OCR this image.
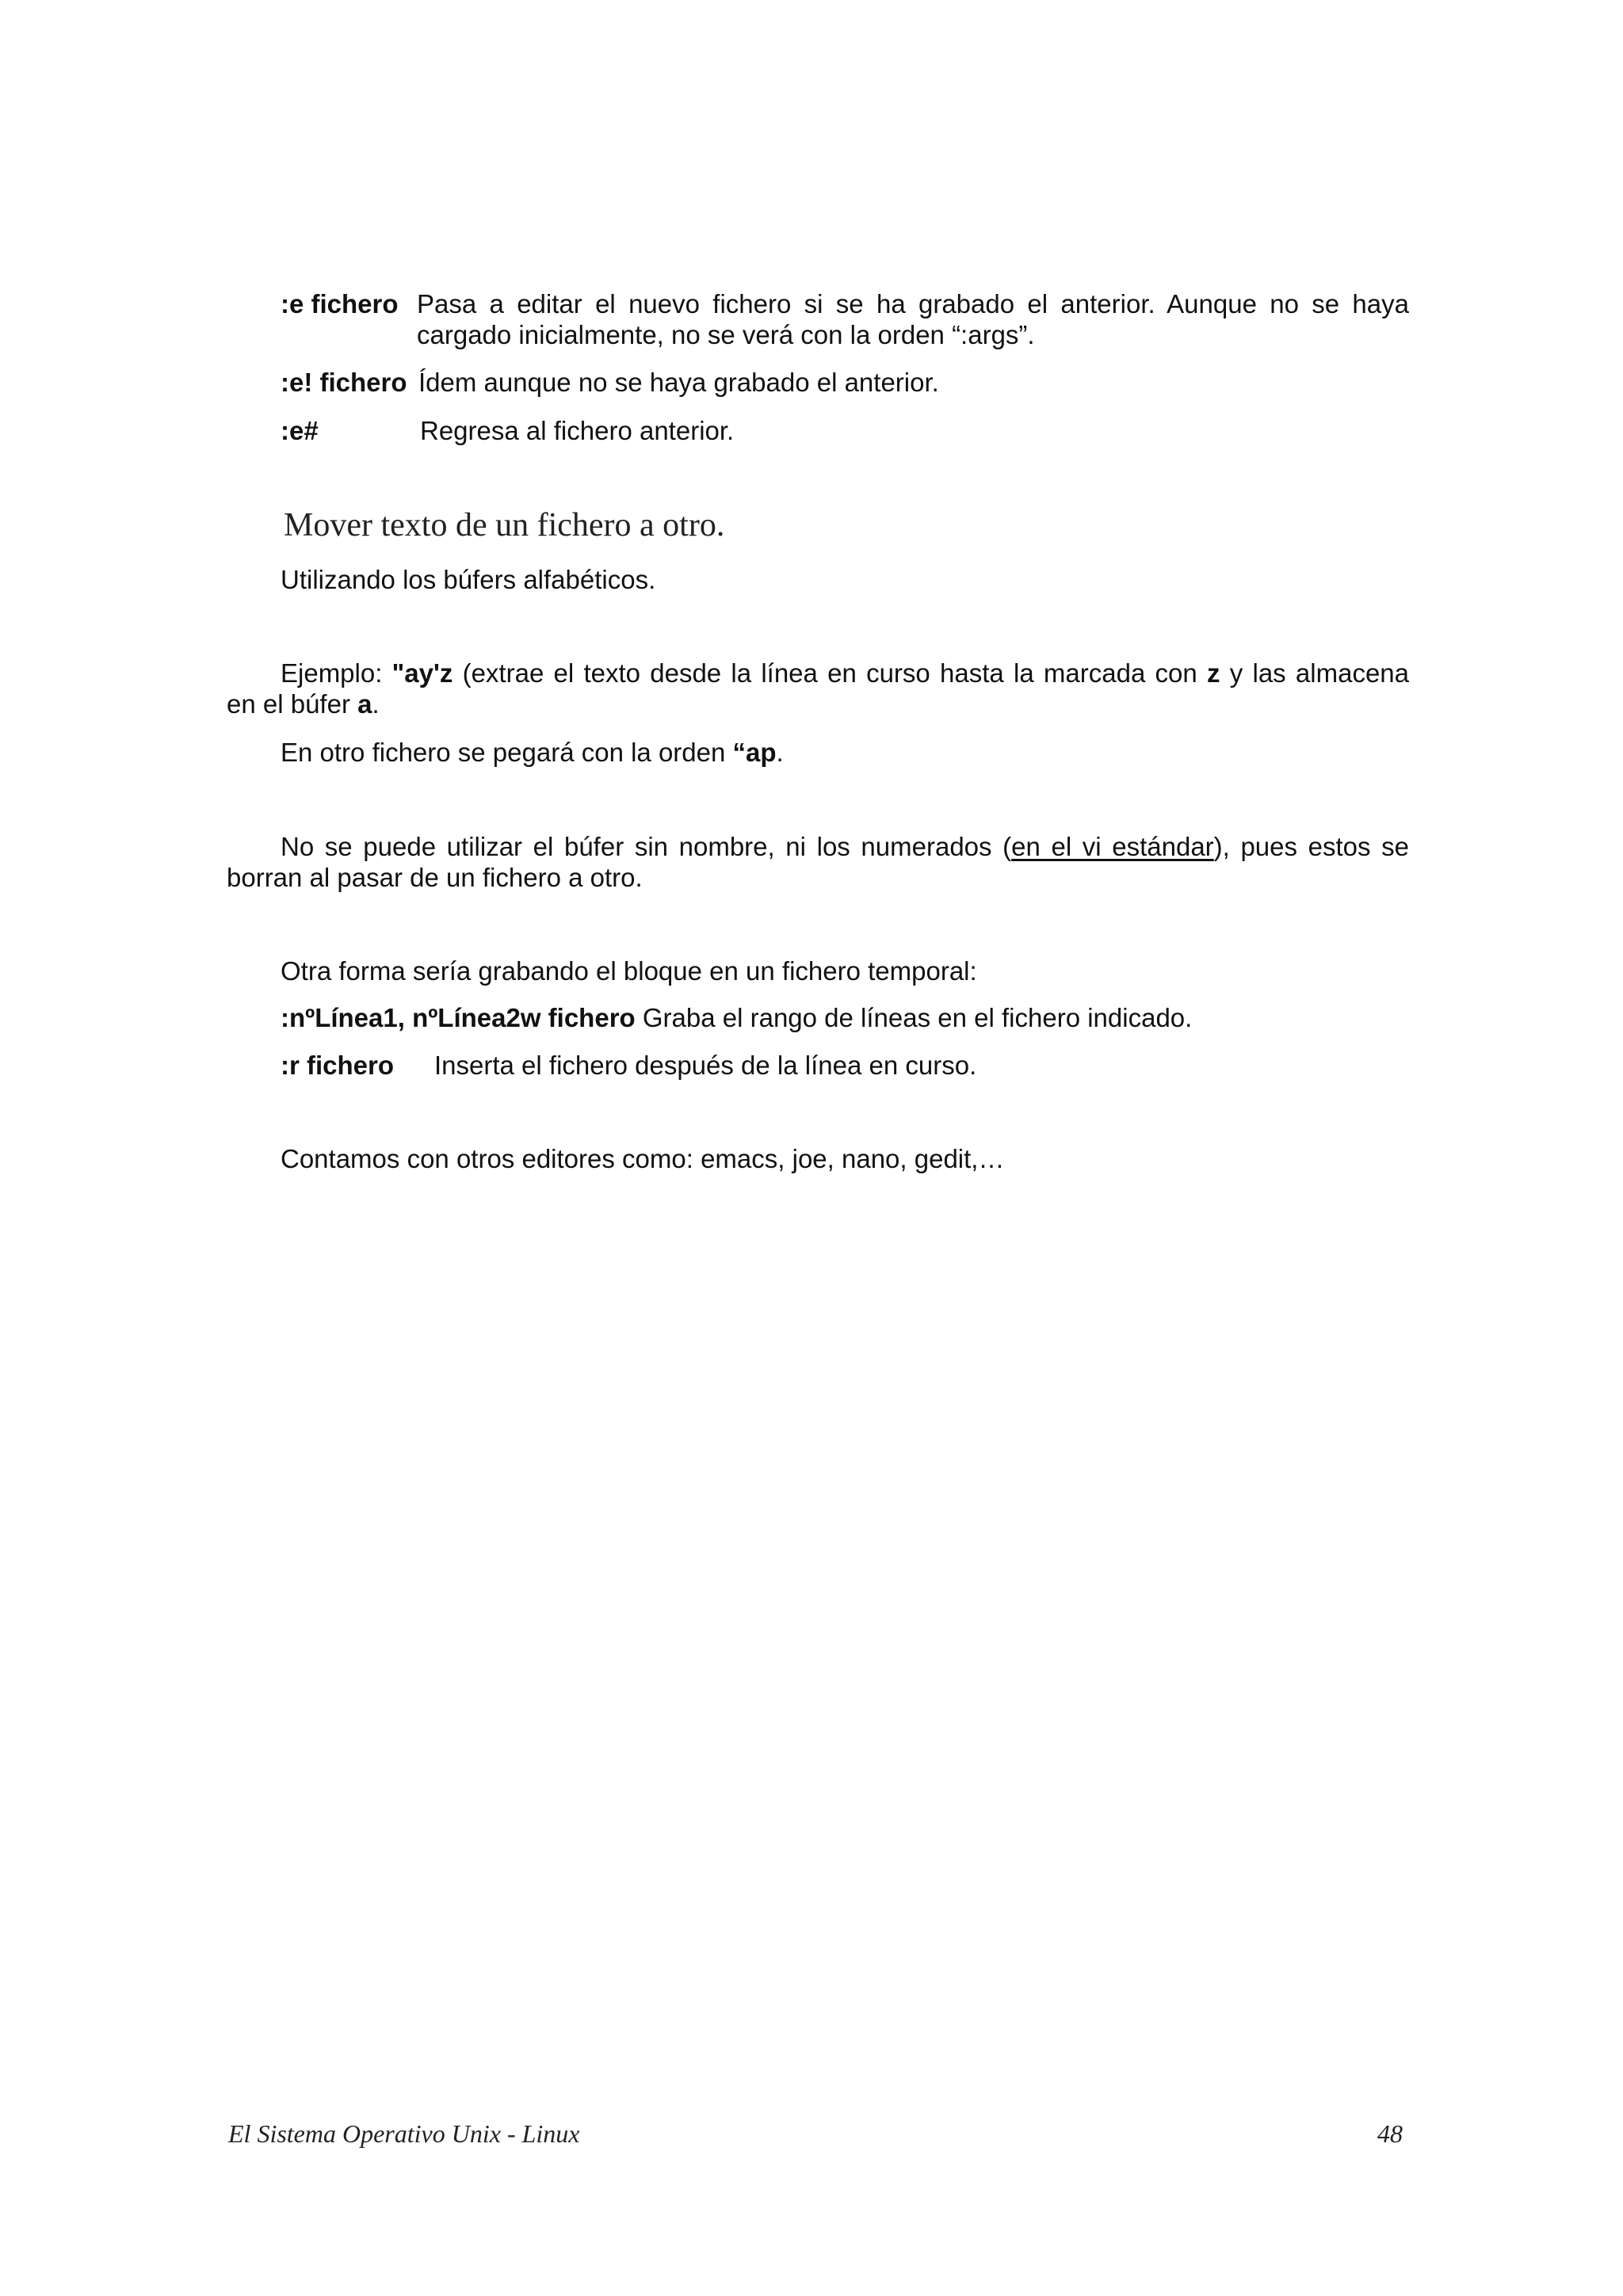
:e fichero Pasa a editar el nuevo fichero si se ha grabado el anterior. Aunque no se haya
cargado inicialmente, no se verá con la orden “:args”.
:e! fichero Ídem aunque no se haya grabado el anterior.
:e#	Regresa al fichero anterior.
Mover texto de un fichero a otro.
Utilizando los búfers alfabéticos.
Ejemplo: "ay'z (extrae el texto desde la línea en curso hasta la marcada con z y las almacena
en el búfer a.
En otro fichero se pegará con la orden “ap.
No se puede utilizar el búfer sin nombre, ni los numerados (en el vi estándar), pues estos se
borran al pasar de un fichero a otro.
Otra forma sería grabando el bloque en un fichero temporal:
:nºLínea1, nºLínea2w fichero Graba el rango de líneas en el fichero indicado.
:r fichero Inserta el fichero después de la línea en curso.
Contamos con otros editores como: emacs, joe, nano, gedit,…
El Sistema Operativo Unix - Linux	48
